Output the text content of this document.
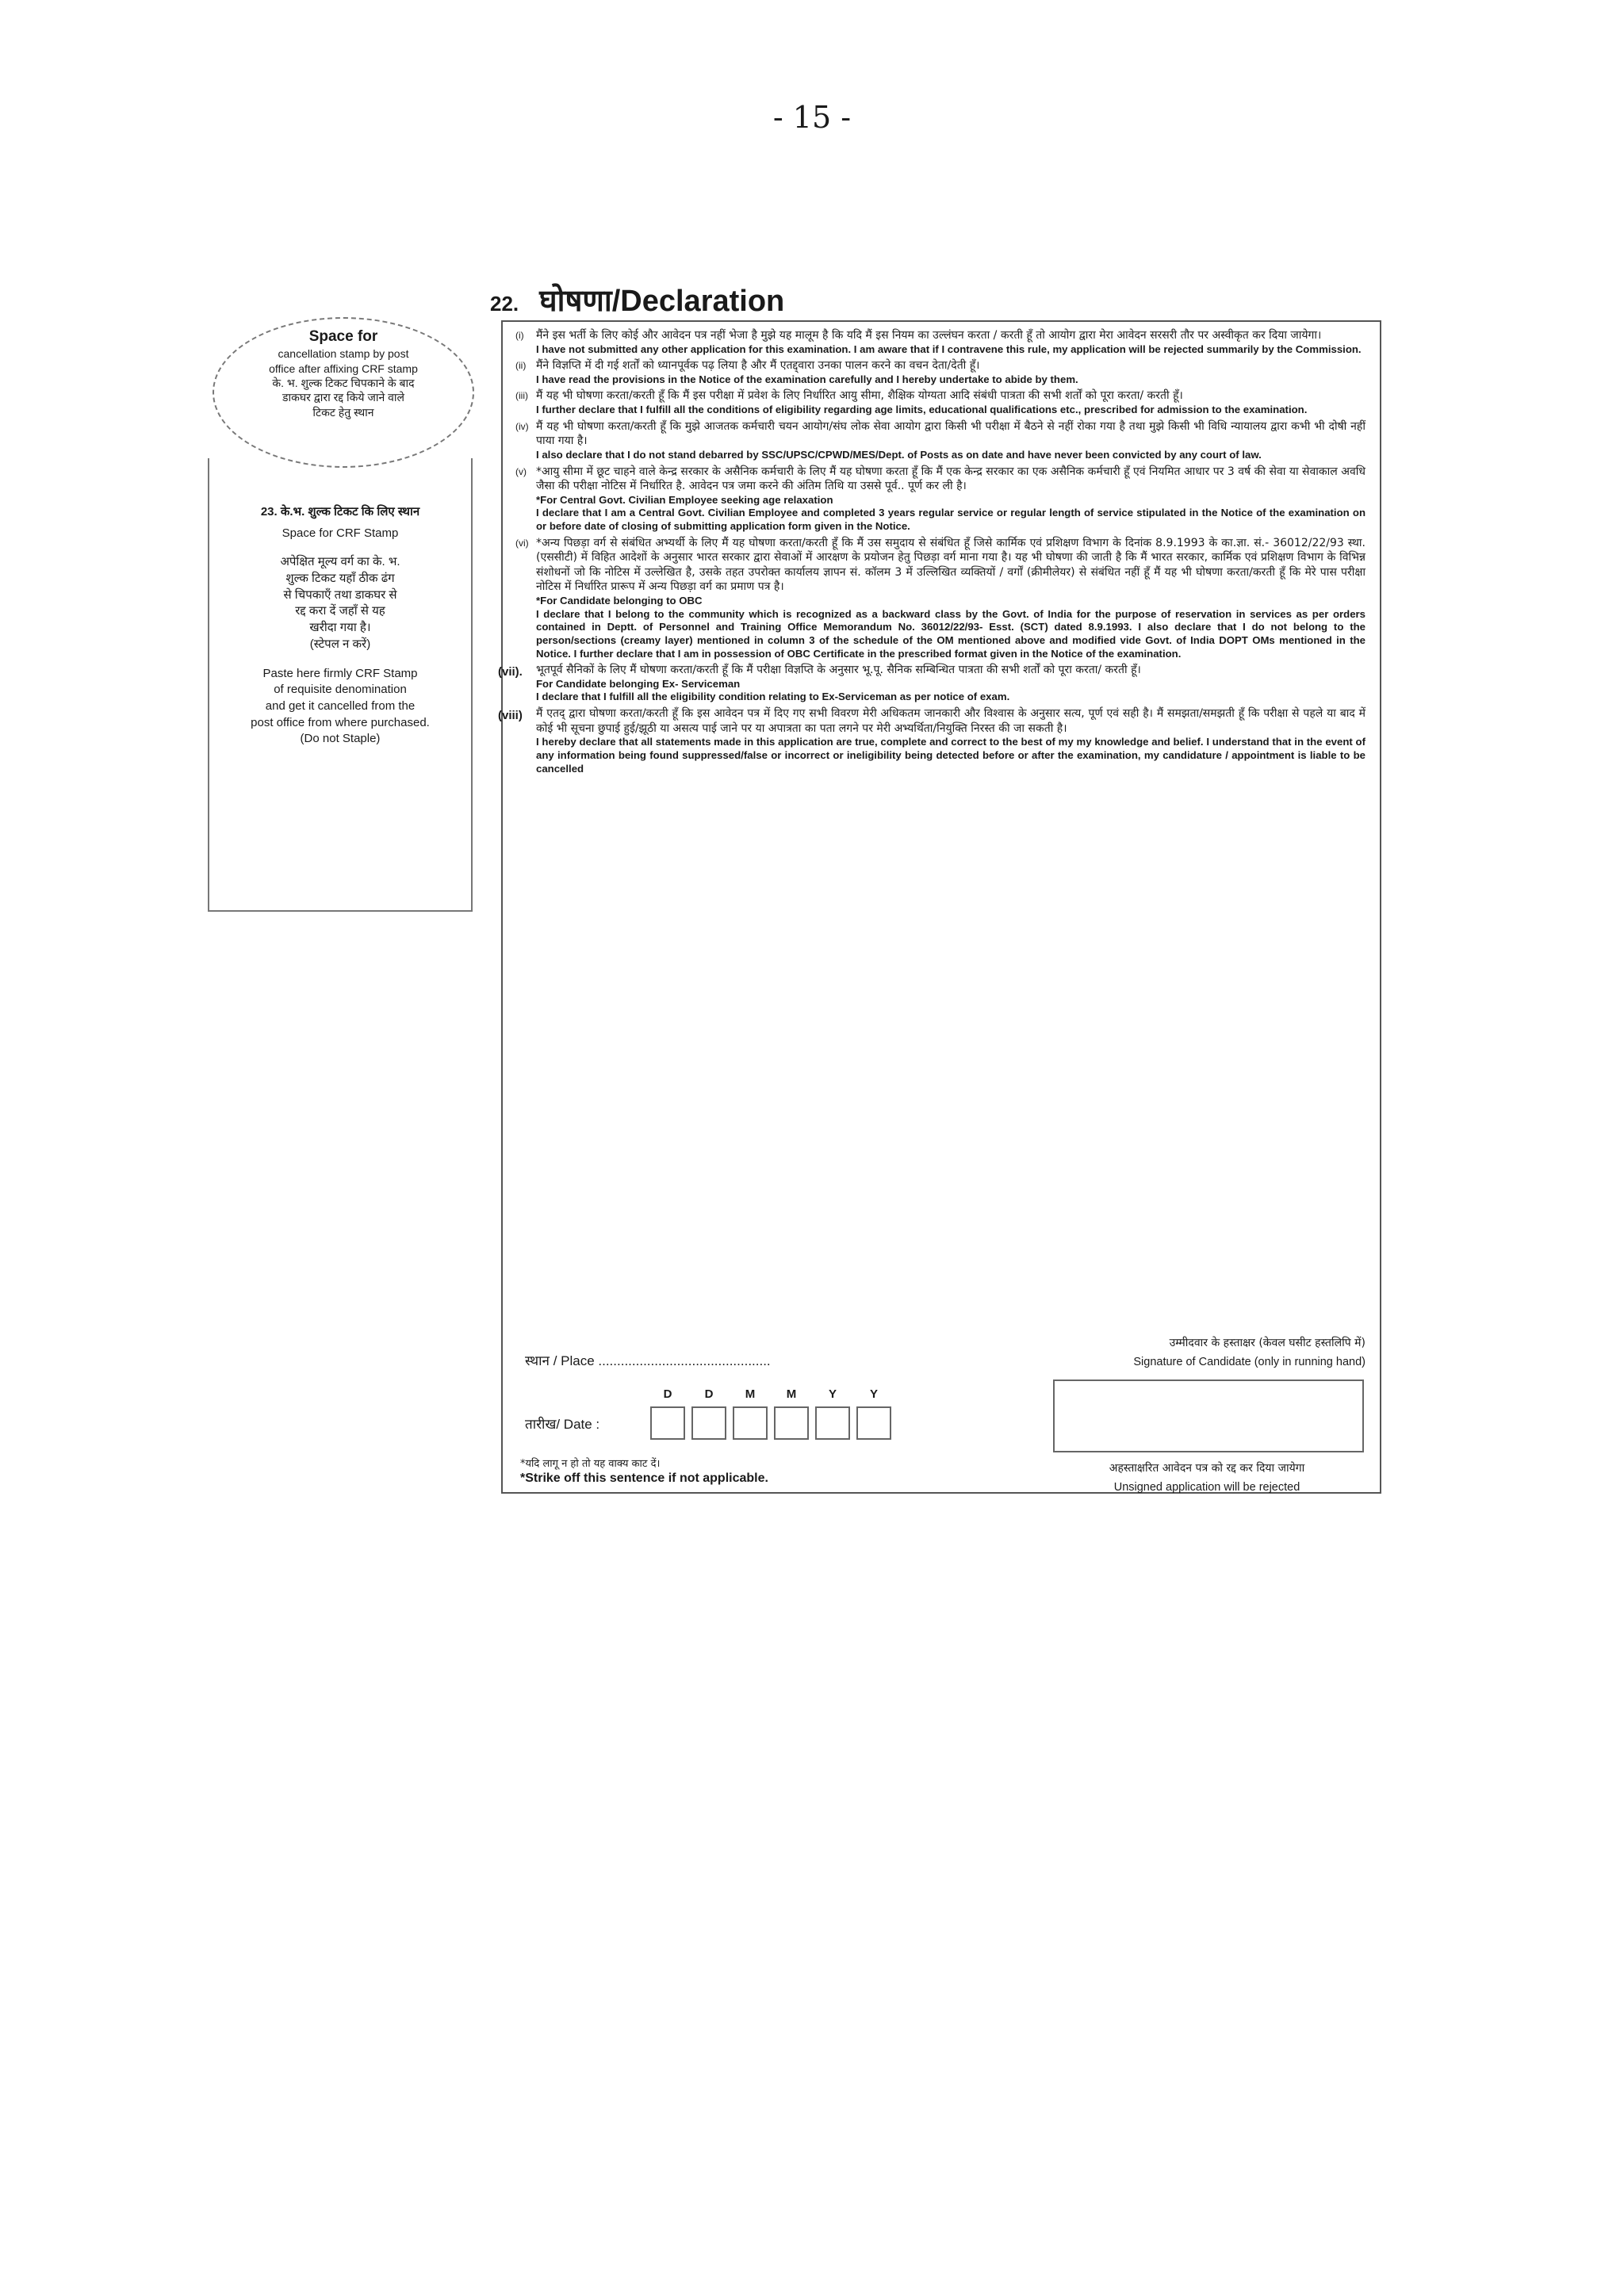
- 15 -
22. घोषणा/Declaration
Space for
cancellation stamp by post
office after affixing CRF stamp
के. भ. शुल्क टिकट चिपकाने के बाद
डाकघर द्वारा रद्द किये जाने वाले
टिकट हेतु स्थान
23. के.भ. शुल्क टिकट कि लिए स्थान
Space for CRF Stamp
अपेक्षित मूल्य वर्ग का के. भ.
शुल्क टिकट यहाँ ठीक ढंग
से चिपकाएँ तथा डाकघर से
रद्द करा दें जहाँ से यह
खरीदा गया है।
(स्टेपल न करें)
Paste here firmly CRF Stamp
of requisite denomination
and get it cancelled from the
post office from where purchased.
(Do not Staple)
(i)	मैंने इस भर्ती के लिए कोई और आवेदन पत्र नहीं भेजा है मुझे यह मालूम है कि यदि मैं इस नियम का उल्लंघन करता / करती हूँ तो आयोग द्वारा मेरा आवेदन सरसरी तौर पर अस्वीकृत कर दिया जायेगा।
I have not submitted any other application for this examination. I am aware that if I contravene this rule, my application will be rejected summarily by the Commission.
(ii) मैंने विज्ञप्ति में दी गई शर्तों को ध्यानपूर्वक पढ़ लिया है और मैं एतद्द्वारा उनका पालन करने का वचन देता/देती हूँ।
I have read the provisions in the Notice of the examination carefully and I hereby undertake to abide by them.
(iii) मैं यह भी घोषणा करता/करती हूँ कि मैं इस परीक्षा में प्रवेश के लिए निर्धारित आयु सीमा, शैक्षिक योग्यता आदि संबंधी पात्रता की सभी शर्तों को पूरा करता/ करती हूँ।
I further declare that I fulfill all the conditions of eligibility regarding age limits, educational qualifications etc., prescribed for admission to the examination.
(iv) मैं यह भी घोषणा करता/करती हूँ कि मुझे आजतक कर्मचारी चयन आयोग/संघ लोक सेवा आयोग द्वारा किसी भी परीक्षा में बैठने से नहीं रोका गया है तथा मुझे किसी भी विधि न्यायालय द्वारा कभी भी दोषी नहीं पाया गया है।
I also declare that I do not stand debarred by SSC/UPSC/CPWD/MES/Dept. of Posts as on date and have never been convicted by any court of law.
(v) *आयु सीमा में छूट चाहने वाले केन्द्र सरकार के असैनिक कर्मचारी के लिए मैं यह घोषणा करता हूँ कि मैं एक केन्द्र सरकार का एक असैनिक कर्मचारी हूँ एवं नियमित आधार पर 3 वर्ष की सेवा या सेवाकाल अवधि जैसा की परीक्षा नोटिस में निर्धारित है. आवेदन पत्र जमा करने की अंतिम तिथि या उससे पूर्व.. पूर्ण कर ली है।
*For Central Govt. Civilian Employee seeking age relaxation
I declare that I am a Central Govt. Civilian Employee and completed 3 years regular service or regular length of service stipulated in the Notice of the examination on or before date of closing of submitting application form given in the Notice.
(vi) *अन्य पिछड़ा वर्ग से संबंधित अभ्यर्थी के लिए मैं यह घोषणा करता/करती हूँ कि मैं उस समुदाय से संबंधित हूँ जिसे कार्मिक एवं प्रशिक्षण विभाग के दिनांक 8.9.1993 के का.ज्ञा. सं.- 36012/22/93 स्था. (एससीटी) में विहित आदेशों के अनुसार भारत सरकार द्वारा सेवाओं में आरक्षण के प्रयोजन हेतु पिछड़ा वर्ग माना गया है। यह भी घोषणा की जाती है कि मैं भारत सरकार, कार्मिक एवं प्रशिक्षण विभाग के विभिन्न संशोधनों जो कि नोटिस में उल्लेखित है, उसके तहत उपरोक्त कार्यालय ज्ञापन सं. कॉलम 3 में उल्लिखित व्यक्तियों / वर्गों (क्रीमीलेयर) से संबंधित नहीं हूँ मैं यह भी घोषणा करता/करती हूँ कि मेरे पास परीक्षा नोटिस में निर्धारित प्रारूप में अन्य पिछड़ा वर्ग का प्रमाण पत्र है।
*For Candidate belonging to OBC
I declare that I belong to the community which is recognized as a backward class by the Govt. of India for the purpose of reservation in services as per orders contained in Deptt. of Personnel and Training Office Memorandum No. 36012/22/93- Esst. (SCT) dated 8.9.1993. I also declare that I do not belong to the person/sections (creamy layer) mentioned in column 3 of the schedule of the OM mentioned above and modified vide Govt. of India DOPT OMs mentioned in the Notice. I further declare that I am in possession of OBC Certificate in the prescribed format given in the Notice of the examination.
(vii).	भूतपूर्व सैनिकों के लिए मैं घोषणा करता/करती हूँ कि मैं परीक्षा विज्ञप्ति के अनुसार भू.पू. सैनिक सम्बिन्धित पात्रता की सभी शर्तों को पूरा करता/ करती हूँ।
For Candidate belonging Ex- Serviceman
I declare that I fulfill all the eligibility condition relating to Ex-Serviceman as per notice of exam.
(viii)	मैं एतद् द्वारा घोषणा करता/करती हूँ कि इस आवेदन पत्र में दिए गए सभी विवरण मेरी अधिकतम जानकारी और विश्वास के अनुसार सत्य, पूर्ण एवं सही है। मैं समझता/समझती हूँ कि परीक्षा से पहले या बाद में कोई भी सूचना छुपाई हुई/झूठी या असत्य पाई जाने पर या अपात्रता का पता लगने पर मेरी अभ्यर्थिता/नियुक्ति निरस्त की जा सकती है।
I hereby declare that all statements made in this application are true, complete and correct to the best of my my knowledge and belief. I understand that in the event of any information being found suppressed/false or incorrect or ineligibility being detected before or after the examination, my candidature / appointment is liable to be cancelled
उम्मीदवार के हस्ताक्षर (केवल घसीट हस्तलिपि में)
Signature of Candidate (only in running hand)
अहस्ताक्षरित आवेदन पत्र को रद्द कर दिया जायेगा
Unsigned application will be rejected
स्थान / Place ..............................................
तारीख/ Date :
D	D	M	M	Y	Y
*यदि लागू न हो तो यह वाक्य काट दें।
*Strike off this sentence if not applicable.
